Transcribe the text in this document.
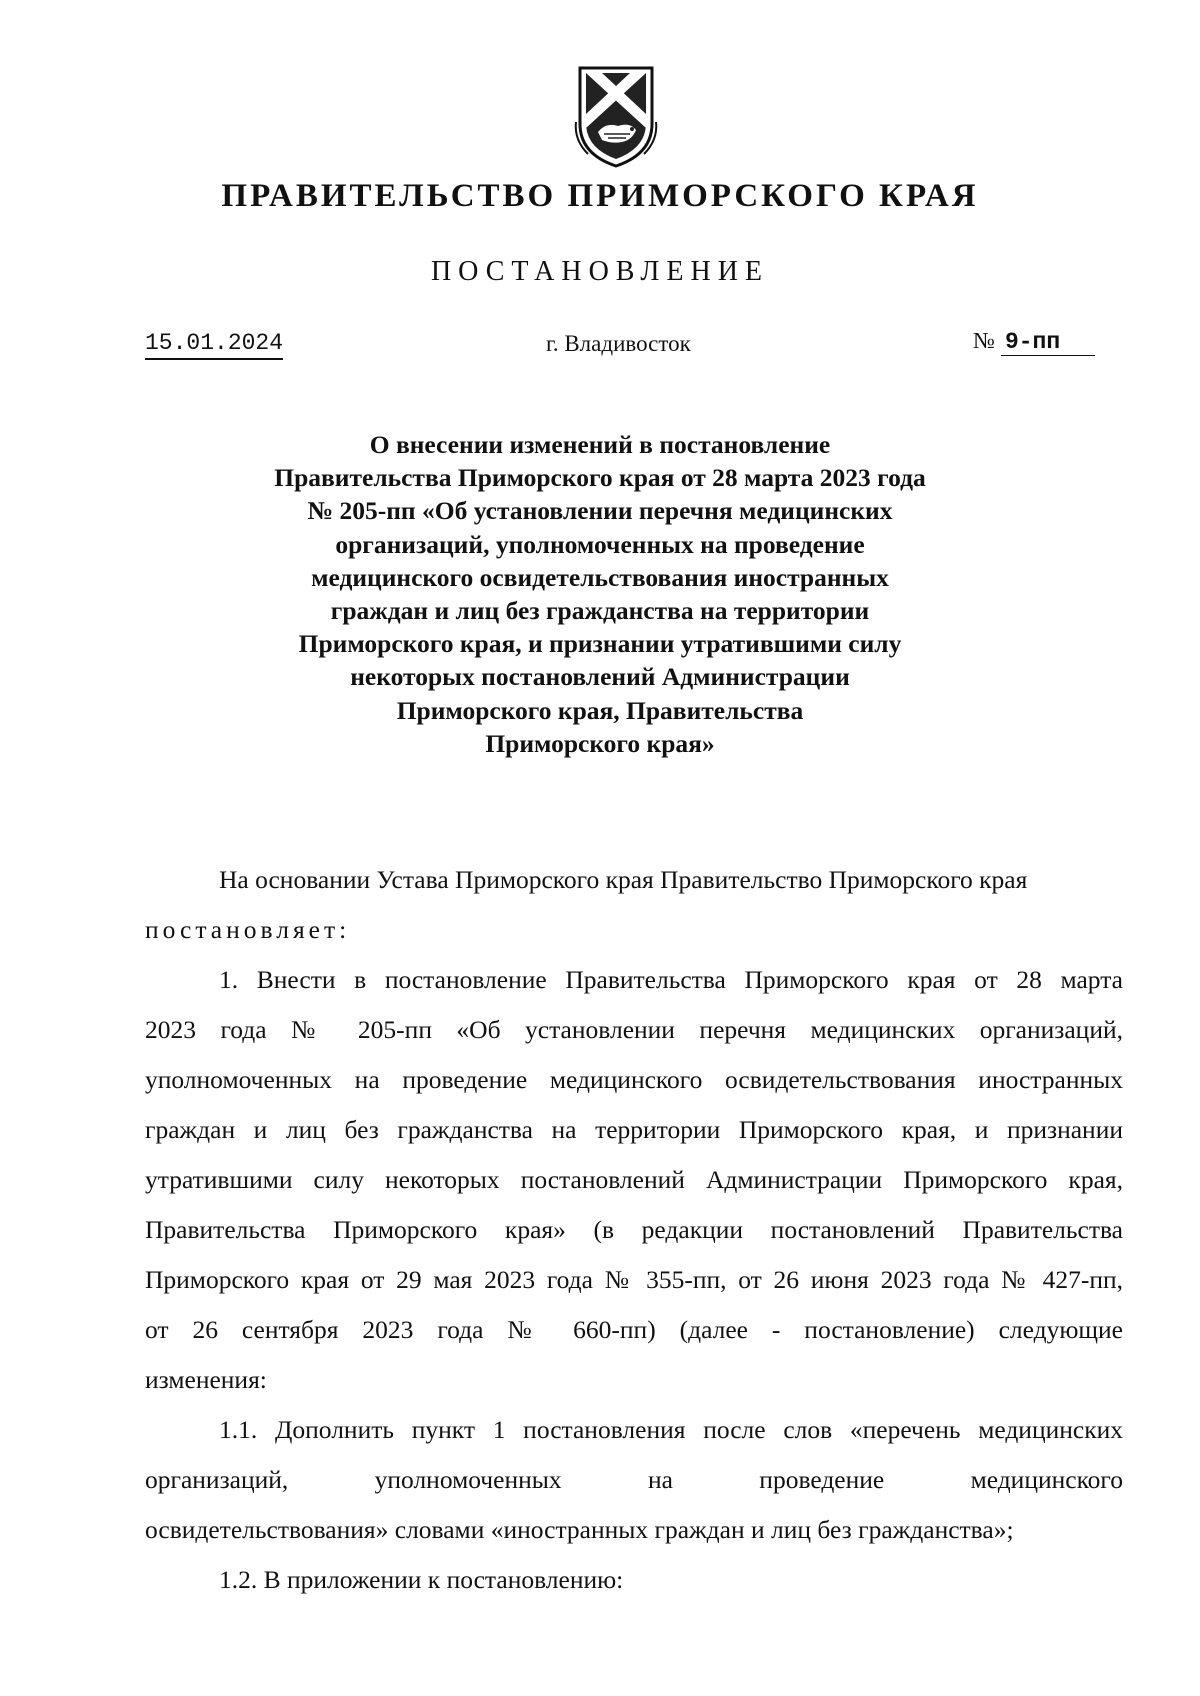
ПРАВИТЕЛЬСТВО ПРИМОРСКОГО КРАЯ
ПОСТАНОВЛЕНИЕ
15.01.2024	г. Владивосток	№ 9-пп
О внесении изменений в постановление
Правительства Приморского края от 28 марта 2023 года
№ 205-пп «Об установлении перечня медицинских
организаций, уполномоченных на проведение
медицинского освидетельствования иностранных
граждан и лиц без гражданства на территории
Приморского края, и признании утратившими силу
некоторых постановлений Администрации
Приморского края, Правительства
Приморского края»
На основании Устава Приморского края Правительство Приморского края
постановляет:
1. Внести в постановление Правительства Приморского края от 28 марта
2023 года № 205-пп «Об установлении перечня медицинских организаций,
уполномоченных на проведение медицинского освидетельствования иностранных
граждан и лиц без гражданства на территории Приморского края, и признании
утратившими силу некоторых постановлений Администрации Приморского края,
Правительства Приморского края» (в редакции постановлений Правительства
Приморского края от 29 мая 2023 года № 355-пп, от 26 июня 2023 года № 427-пп,
от 26 сентября 2023 года № 660-пп) (далее - постановление) следующие
изменения:
1.1. Дополнить пункт 1 постановления после слов «перечень медицинских
организаций, уполномоченных на проведение медицинского
освидетельствования» словами «иностранных граждан и лиц без гражданства»;
1.2. В приложении к постановлению:
